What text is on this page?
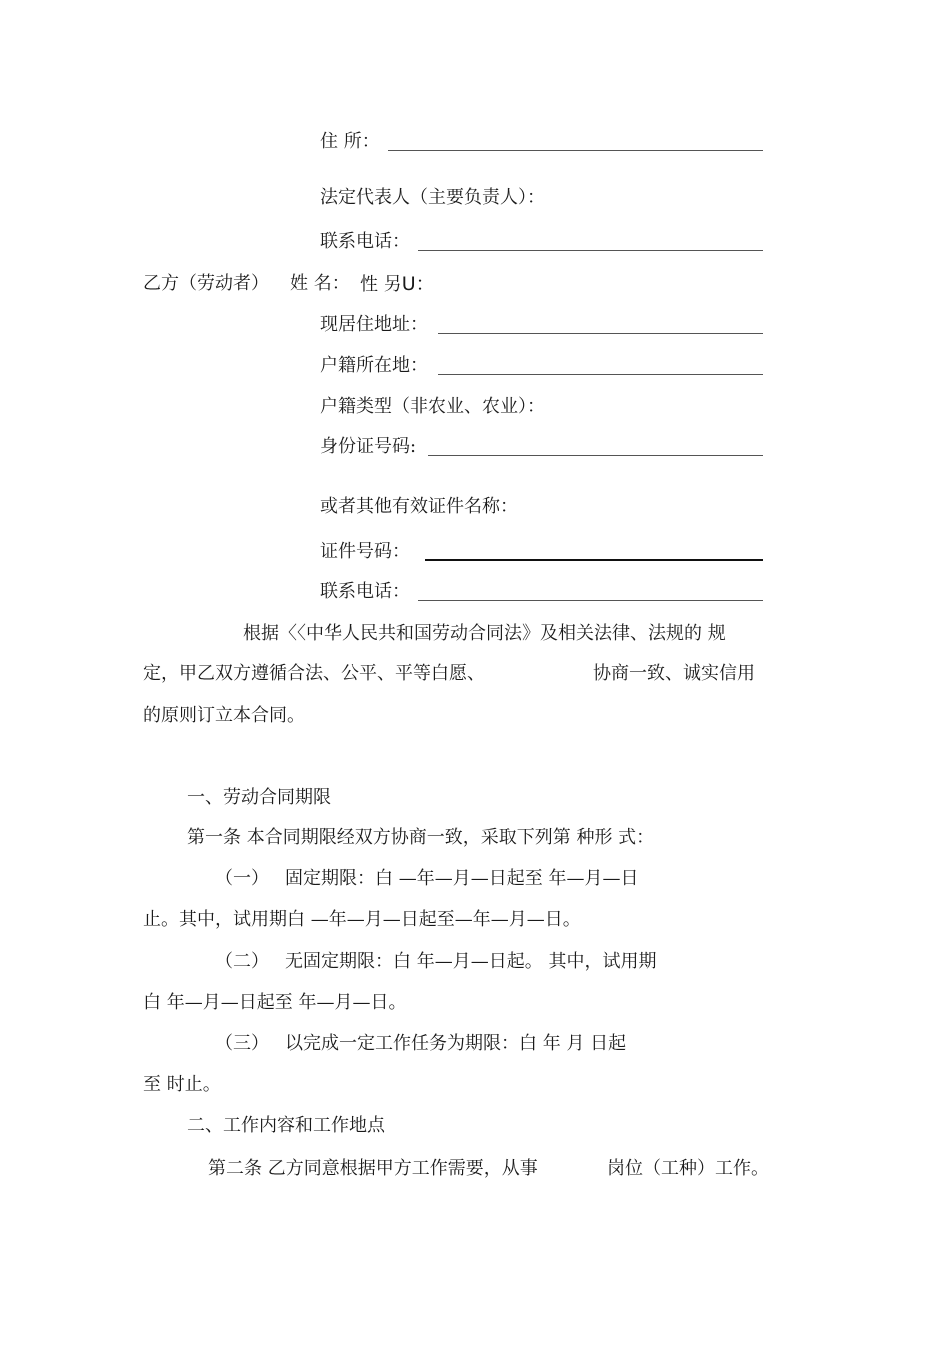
住 所：
法定代表人（主要负责人）：
联系电话：
乙方（劳动者） 姓 名： 性 另U：
现居住地址：
户籍所在地：
户籍类型（非农业、农业）：
身份证号码:
或者其他有效证件名称：
证件号码：
联系电话：
根据〈〈中华人民共和国劳动合同法》及相关法律、法规的 规
定，甲乙双方遵循合法、公平、平等白愿、	协商一致、诚实信用
的原则订立本合同。
一、劳动合同期限
第一条 本合同期限经双方协商一致，采取下列第 种形 式：
（一） 固定期限：白 —年—月—日起至 年—月—日
止。其中，试用期白 —年—月—日起至—年—月—日。
（二） 无固定期限：白 年—月—日起。 其中，试用期
白 年—月—日起至 年—月—日。
（三） 以完成一定工作任务为期限：白 年 月 日起
至 时止。
二、工作内容和工作地点
第二条 乙方同意根据甲方工作需要，从事	岗位（工种）工作。
